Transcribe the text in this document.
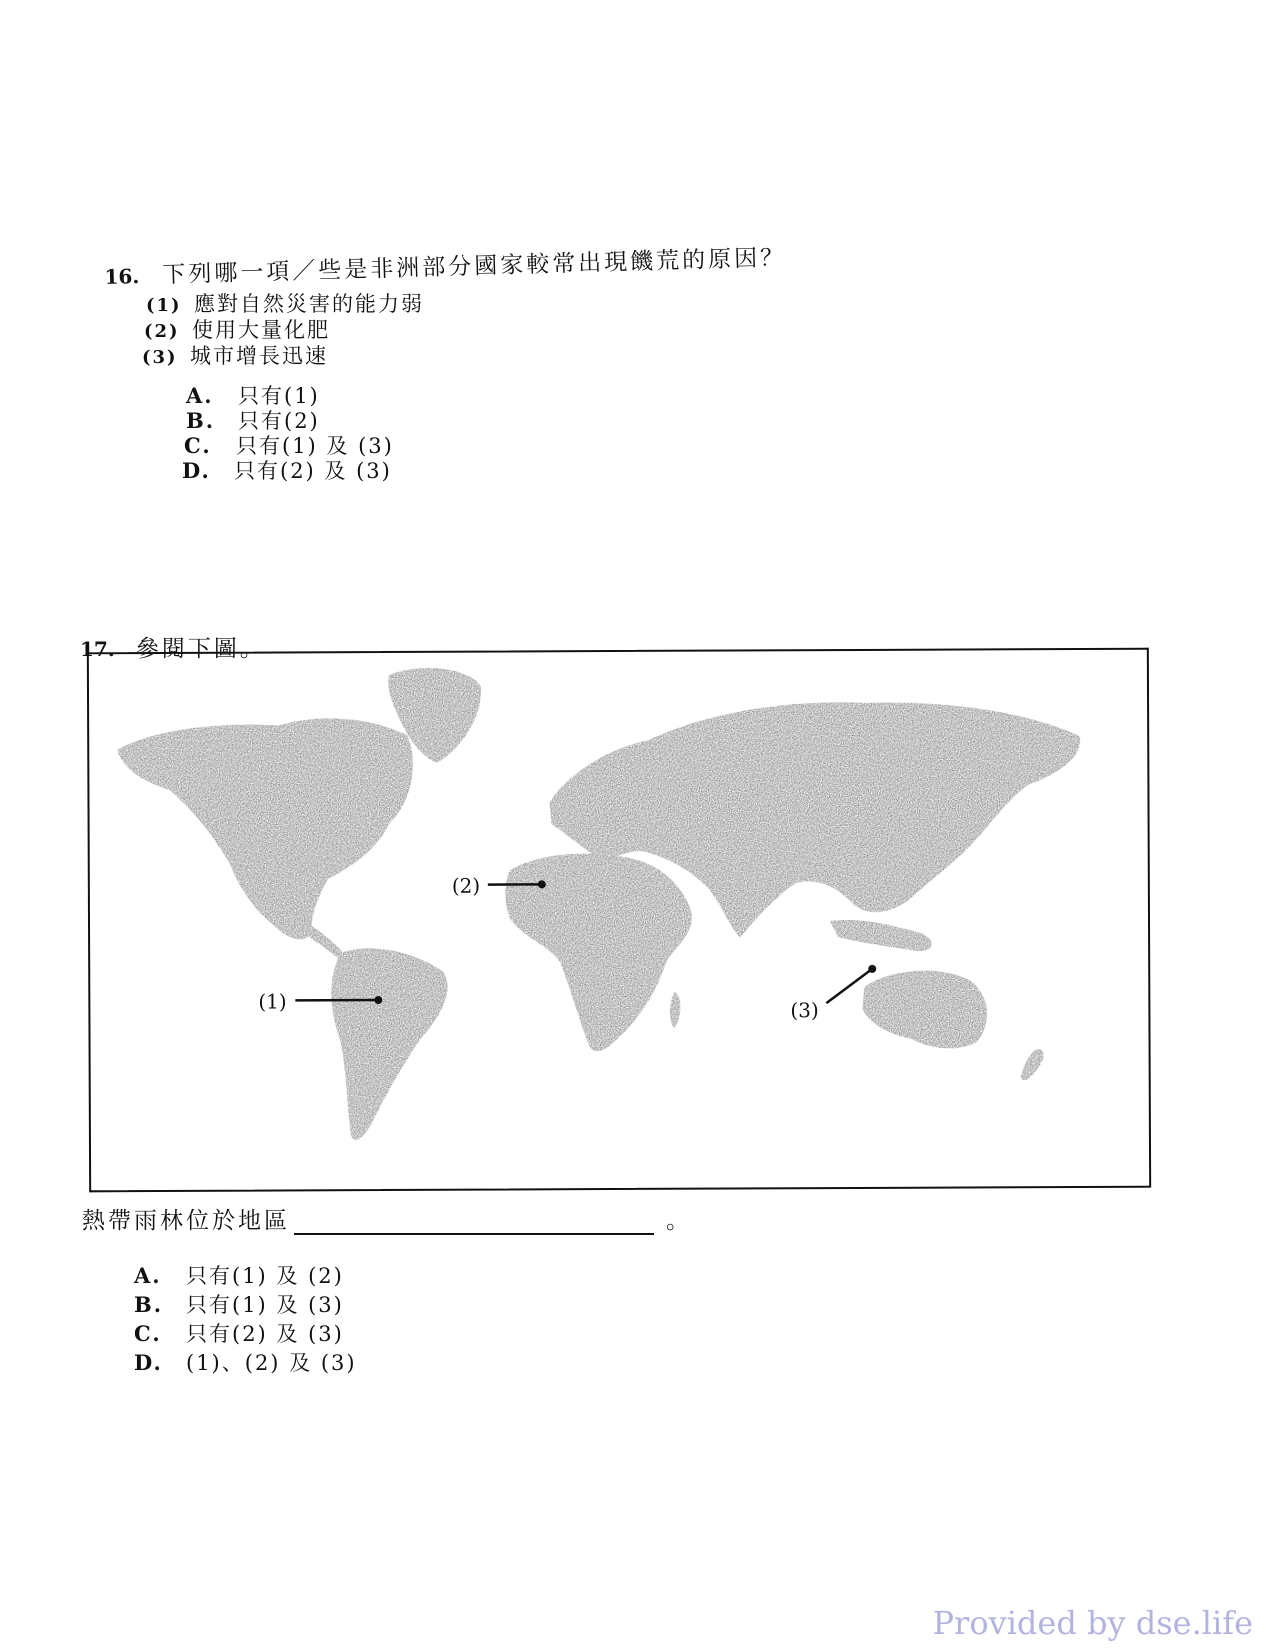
16. 下列哪一項／些是非洲部分國家較常出現饑荒的原因？
(1) 應對自然災害的能力弱
(2) 使用大量化肥
(3) 城市增長迅速
A. 只有(1)
B. 只有(2)
C. 只有(1) 及 (3)
D. 只有(2) 及 (3)
17. 參閱下圖。
(1)
(2)
(3)
熱帶雨林位於地區	。
A. 只有(1) 及 (2)
B. 只有(1) 及 (3)
C. 只有(2) 及 (3)
D. (1)、(2) 及 (3)
Provided by dse.life
